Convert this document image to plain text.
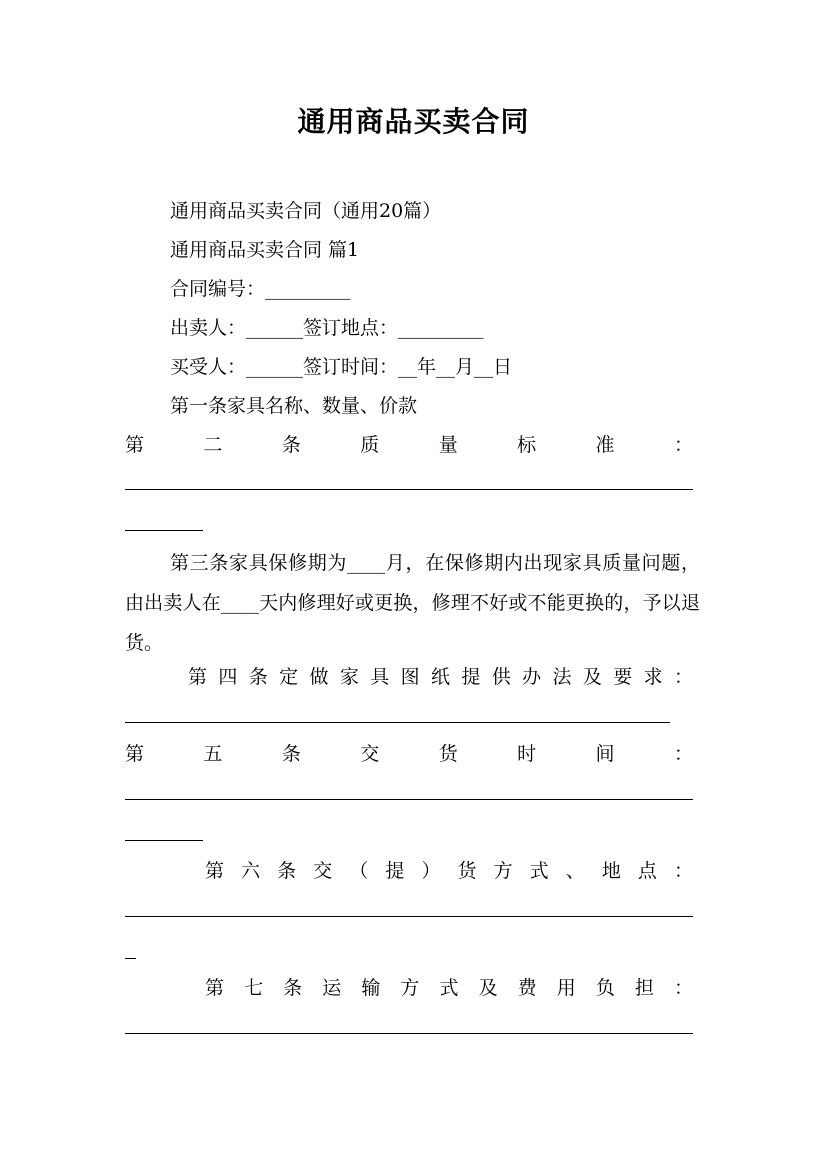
通用商品买卖合同
通用商品买卖合同（通用20篇）
通用商品买卖合同 篇1
合同编号：_________
出卖人：______签订地点：_________
买受人：______签订时间：__年__月__日
第一条家具名称、数量、价款
第二条质量标准：
第三条家具保修期为____月，在保修期内出现家具质量问题，由出卖人在____天内修理好或更换，修理不好或不能更换的，予以退货。
第四条定做家具图纸提供办法及要求：
第五条交货时间：
第六条交（提）货方式、地点：
第七条运输方式及费用负担：
